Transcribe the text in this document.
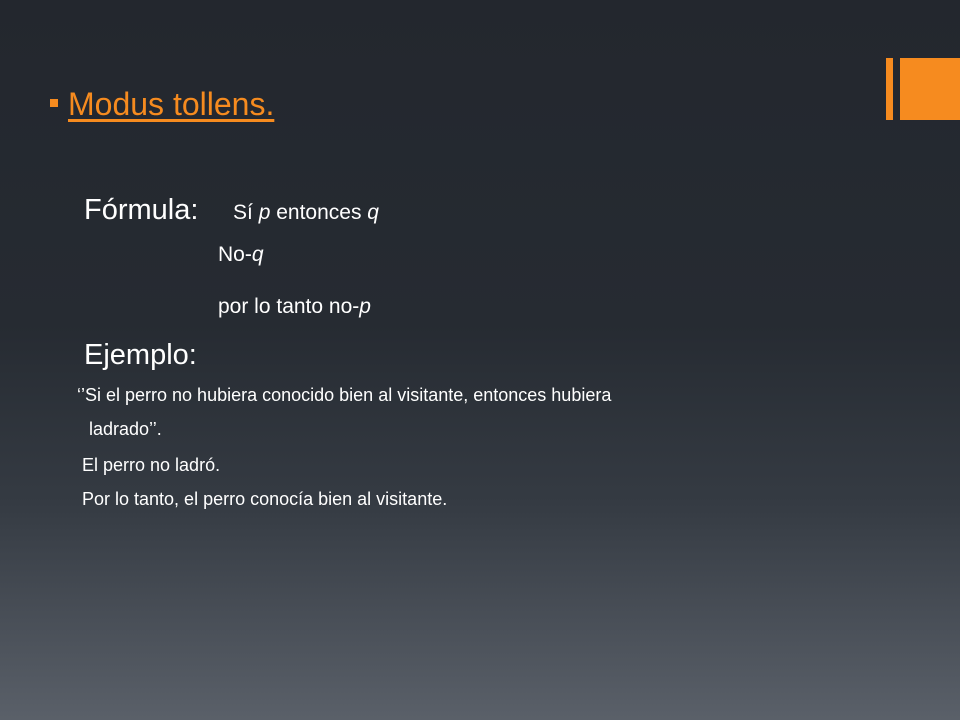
Modus tollens.
Fórmula: Sí p entonces q
No-q
por lo tanto no-p
Ejemplo:
‘’Si el perro no hubiera conocido bien al visitante, entonces hubiera
ladrado’’.
El perro no ladró.
Por lo tanto, el perro conocía bien al visitante.
